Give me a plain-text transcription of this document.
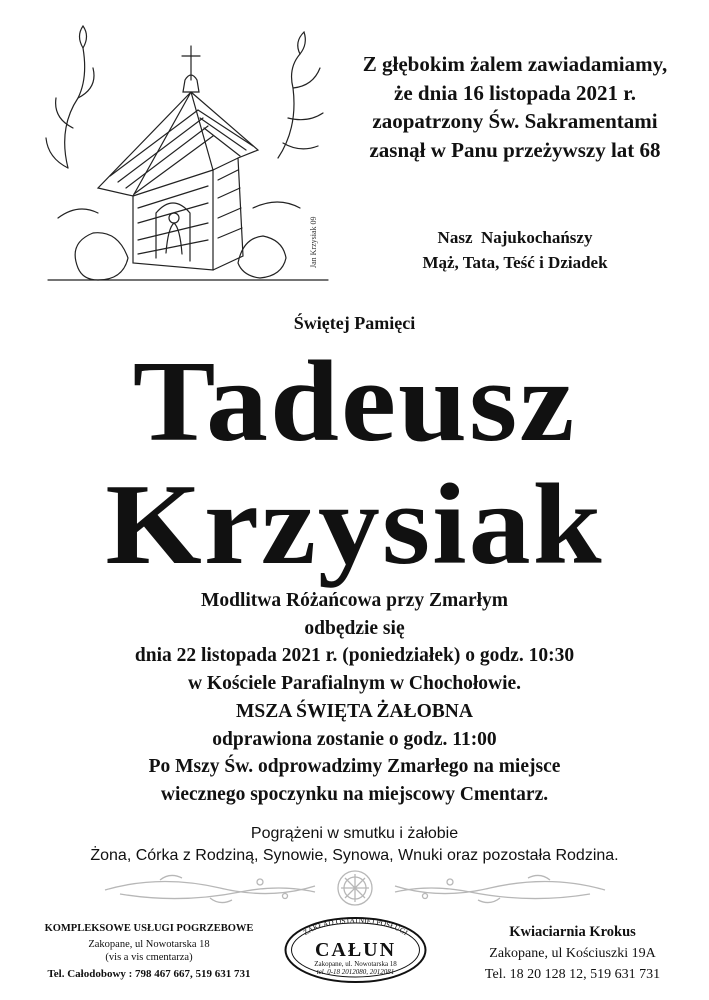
Jan Krzysiak 09
Z głębokim żalem zawiadamiamy,
że dnia 16 listopada 2021 r.
zaopatrzony Św. Sakramentami
zasnął w Panu przeżywszy lat 68
Nasz  Najukochańszy
Mąż, Tata, Teść i Dziadek
Świętej Pamięci
Tadeusz
Krzysiak
Modlitwa Różańcowa przy Zmarłym
odbędzie się
dnia 22 listopada 2021 r. (poniedziałek) o godz. 10:30
w Kościele Parafialnym w Chochołowie.
MSZA ŚWIĘTA ŻAŁOBNA
odprawiona zostanie o godz. 11:00
Po Mszy Św. odprowadzimy Zmarłego na miejsce
wiecznego spoczynku na miejscowy Cmentarz.
Pogrążeni w smutku i żałobie
Żona, Córka z Rodziną, Synowie, Synowa, Wnuki oraz pozostała Rodzina.
KOMPLEKSOWE USŁUGI POGRZEBOWE
Zakopane, ul Nowotarska 18
(vis a vis cmentarza)
Tel. Całodobowy : 798 467 667, 519 631 731
ZAKŁAD OSTATNIEJ POSŁUGI
CAŁUN
Zakopane, ul. Nowotarska 18
tel. 0-18 2012080, 2012081
Kwiaciarnia Krokus
Zakopane, ul Kościuszki 19A
Tel. 18 20 128 12, 519 631 731
